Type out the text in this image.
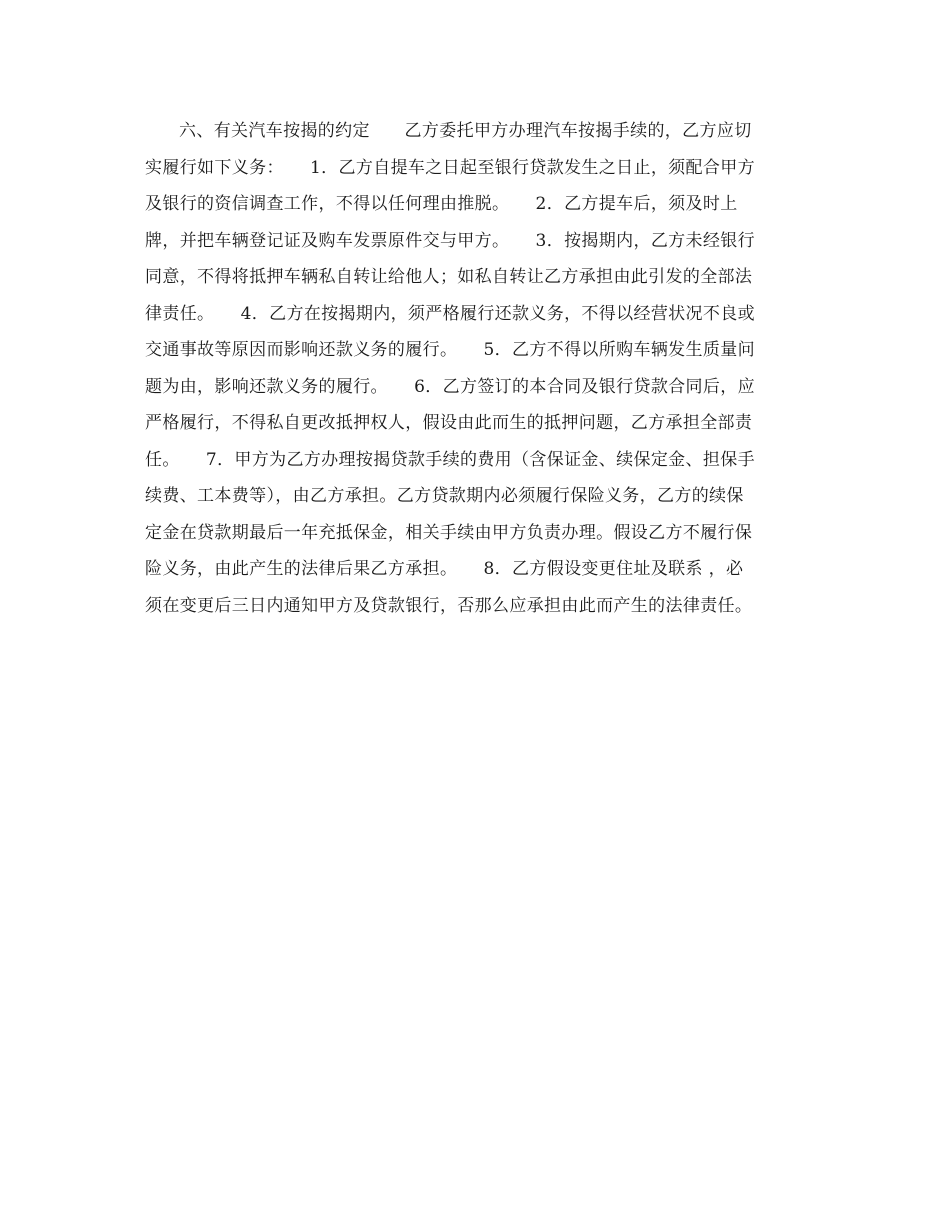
六、有关汽车按揭的约定　　乙方委托甲方办理汽车按揭手续的，乙方应切
实履行如下义务：　　1．乙方自提车之日起至银行贷款发生之日止，须配合甲方
及银行的资信调查工作，不得以任何理由推脱。　　2．乙方提车后，须及时上
牌，并把车辆登记证及购车发票原件交与甲方。　　3．按揭期内，乙方未经银行
同意，不得将抵押车辆私自转让给他人；如私自转让乙方承担由此引发的全部法
律责任。　　4．乙方在按揭期内，须严格履行还款义务，不得以经营状况不良或
交通事故等原因而影响还款义务的履行。　　5．乙方不得以所购车辆发生质量问
题为由，影响还款义务的履行。　　6．乙方签订的本合同及银行贷款合同后，应
严格履行，不得私自更改抵押权人，假设由此而生的抵押问题，乙方承担全部责
任。　　7．甲方为乙方办理按揭贷款手续的费用（含保证金、续保定金、担保手
续费、工本费等），由乙方承担。乙方贷款期内必须履行保险义务，乙方的续保
定金在贷款期最后一年充抵保金，相关手续由甲方负责办理。假设乙方不履行保
险义务，由此产生的法律后果乙方承担。　　8．乙方假设变更住址及联系 ，必
须在变更后三日内通知甲方及贷款银行，否那么应承担由此而产生的法律责任。
